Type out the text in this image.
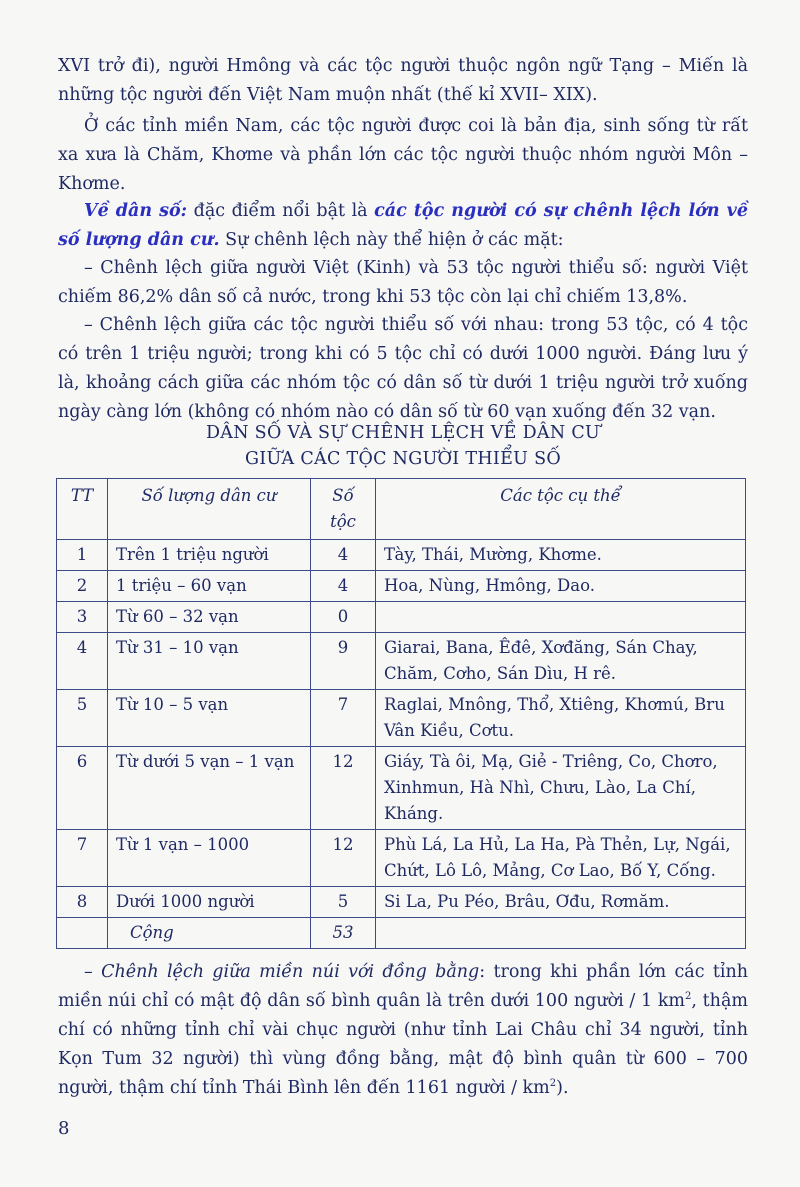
XVI trở đi), người Hmông và các tộc người thuộc ngôn ngữ Tạng – Miến là những tộc người đến Việt Nam muộn nhất (thế kỉ XVII– XIX).

Ở các tỉnh miền Nam, các tộc người được coi là bản địa, sinh sống từ rất xa xưa là Chăm, Khơme và phần lớn các tộc người thuộc nhóm người Môn – Khơme.

Về dân số: đặc điểm nổi bật là các tộc người có sự chênh lệch lớn về số lượng dân cư. Sự chênh lệch này thể hiện ở các mặt:

– Chênh lệch giữa người Việt (Kinh) và 53 tộc người thiểu số: người Việt chiếm 86,2% dân số cả nước, trong khi 53 tộc còn lại chỉ chiếm 13,8%.

– Chênh lệch giữa các tộc người thiểu số với nhau: trong 53 tộc, có 4 tộc có trên 1 triệu người; trong khi có 5 tộc chỉ có dưới 1000 người. Đáng lưu ý là, khoảng cách giữa các nhóm tộc có dân số từ dưới 1 triệu người trở xuống ngày càng lớn (không có nhóm nào có dân số từ 60 vạn xuống đến 32 vạn.

DÂN SỐ VÀ SỰ CHÊNH LỆCH VỀ DÂN CƯ
GIỮA CÁC TỘC NGƯỜI THIỂU SỐ
TT	Số lượng dân cư	Số tộc	Các tộc cụ thể
1	Trên 1 triệu người	4	Tày, Thái, Mường, Khơme.
2	1 triệu – 60 vạn	4	Hoa, Nùng, Hmông, Dao.
3	Từ 60 – 32 vạn	0	
4	Từ 31 – 10 vạn	9	Giarai, Bana, Êđê, Xơđăng, Sán Chay, Chăm, Cơho, Sán Dìu, H rê.
5	Từ 10 – 5 vạn	7	Raglai, Mnông, Thổ, Xtiêng, Khơmú, Bru Vân Kiều, Cơtu.
6	Từ dưới 5 vạn – 1 vạn	12	Giáy, Tà ôi, Mạ, Giẻ - Triêng, Co, Chơro, Xinhmun, Hà Nhì, Chưu, Lào, La Chí, Kháng.
7	Từ 1 vạn – 1000	12	Phù Lá, La Hủ, La Ha, Pà Thẻn, Lự, Ngái, Chứt, Lô Lô, Mảng, Cơ Lao, Bố Y, Cống.
8	Dưới 1000 người	5	Si La, Pu Péo, Brâu, Ơđu, Rơmăm.
	Cộng	53	

– Chênh lệch giữa miền núi với đồng bằng: trong khi phần lớn các tỉnh miền núi chỉ có mật độ dân số bình quân là trên dưới 100 người / 1 $km^2$, thậm chí có những tỉnh chỉ vài chục người (như tỉnh Lai Châu chỉ 34 người, tỉnh Kọn Tum 32 người) thì vùng đồng bằng, mật độ bình quân từ 600 – 700 người, thậm chí tỉnh Thái Bình lên đến 1161 người / $km^2$).

8
